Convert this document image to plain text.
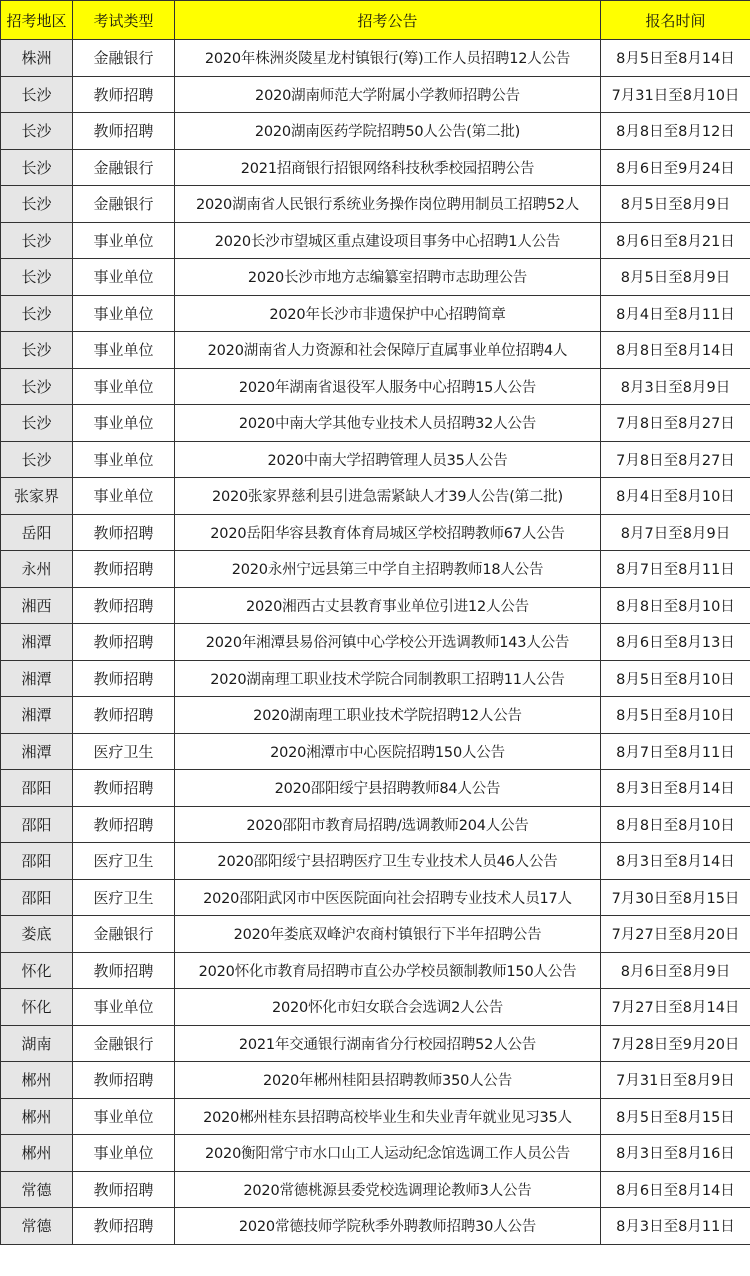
招考地区	考试类型	招考公告	报名时间
株洲	金融银行	2020年株洲炎陵星龙村镇银行(筹)工作人员招聘12人公告	8月5日至8月14日
长沙	教师招聘	2020湖南师范大学附属小学教师招聘公告	7月31日至8月10日
长沙	教师招聘	2020湖南医药学院招聘50人公告(第二批)	8月8日至8月12日
长沙	金融银行	2021招商银行招银网络科技秋季校园招聘公告	8月6日至9月24日
长沙	金融银行	2020湖南省人民银行系统业务操作岗位聘用制员工招聘52人	8月5日至8月9日
长沙	事业单位	2020长沙市望城区重点建设项目事务中心招聘1人公告	8月6日至8月21日
长沙	事业单位	2020长沙市地方志编纂室招聘市志助理公告	8月5日至8月9日
长沙	事业单位	2020年长沙市非遗保护中心招聘简章	8月4日至8月11日
长沙	事业单位	2020湖南省人力资源和社会保障厅直属事业单位招聘4人	8月8日至8月14日
长沙	事业单位	2020年湖南省退役军人服务中心招聘15人公告	8月3日至8月9日
长沙	事业单位	2020中南大学其他专业技术人员招聘32人公告	7月8日至8月27日
长沙	事业单位	2020中南大学招聘管理人员35人公告	7月8日至8月27日
张家界	事业单位	2020张家界慈利县引进急需紧缺人才39人公告(第二批)	8月4日至8月10日
岳阳	教师招聘	2020岳阳华容县教育体育局城区学校招聘教师67人公告	8月7日至8月9日
永州	教师招聘	2020永州宁远县第三中学自主招聘教师18人公告	8月7日至8月11日
湘西	教师招聘	2020湘西古丈县教育事业单位引进12人公告	8月8日至8月10日
湘潭	教师招聘	2020年湘潭县易俗河镇中心学校公开选调教师143人公告	8月6日至8月13日
湘潭	教师招聘	2020湖南理工职业技术学院合同制教职工招聘11人公告	8月5日至8月10日
湘潭	教师招聘	2020湖南理工职业技术学院招聘12人公告	8月5日至8月10日
湘潭	医疗卫生	2020湘潭市中心医院招聘150人公告	8月7日至8月11日
邵阳	教师招聘	2020邵阳绥宁县招聘教师84人公告	8月3日至8月14日
邵阳	教师招聘	2020邵阳市教育局招聘/选调教师204人公告	8月8日至8月10日
邵阳	医疗卫生	2020邵阳绥宁县招聘医疗卫生专业技术人员46人公告	8月3日至8月14日
邵阳	医疗卫生	2020邵阳武冈市中医医院面向社会招聘专业技术人员17人	7月30日至8月15日
娄底	金融银行	2020年娄底双峰沪农商村镇银行下半年招聘公告	7月27日至8月20日
怀化	教师招聘	2020怀化市教育局招聘市直公办学校员额制教师150人公告	8月6日至8月9日
怀化	事业单位	2020怀化市妇女联合会选调2人公告	7月27日至8月14日
湖南	金融银行	2021年交通银行湖南省分行校园招聘52人公告	7月28日至9月20日
郴州	教师招聘	2020年郴州桂阳县招聘教师350人公告	7月31日至8月9日
郴州	事业单位	2020郴州桂东县招聘高校毕业生和失业青年就业见习35人	8月5日至8月15日
郴州	事业单位	2020衡阳常宁市水口山工人运动纪念馆选调工作人员公告	8月3日至8月16日
常德	教师招聘	2020常德桃源县委党校选调理论教师3人公告	8月6日至8月14日
常德	教师招聘	2020常德技师学院秋季外聘教师招聘30人公告	8月3日至8月11日
